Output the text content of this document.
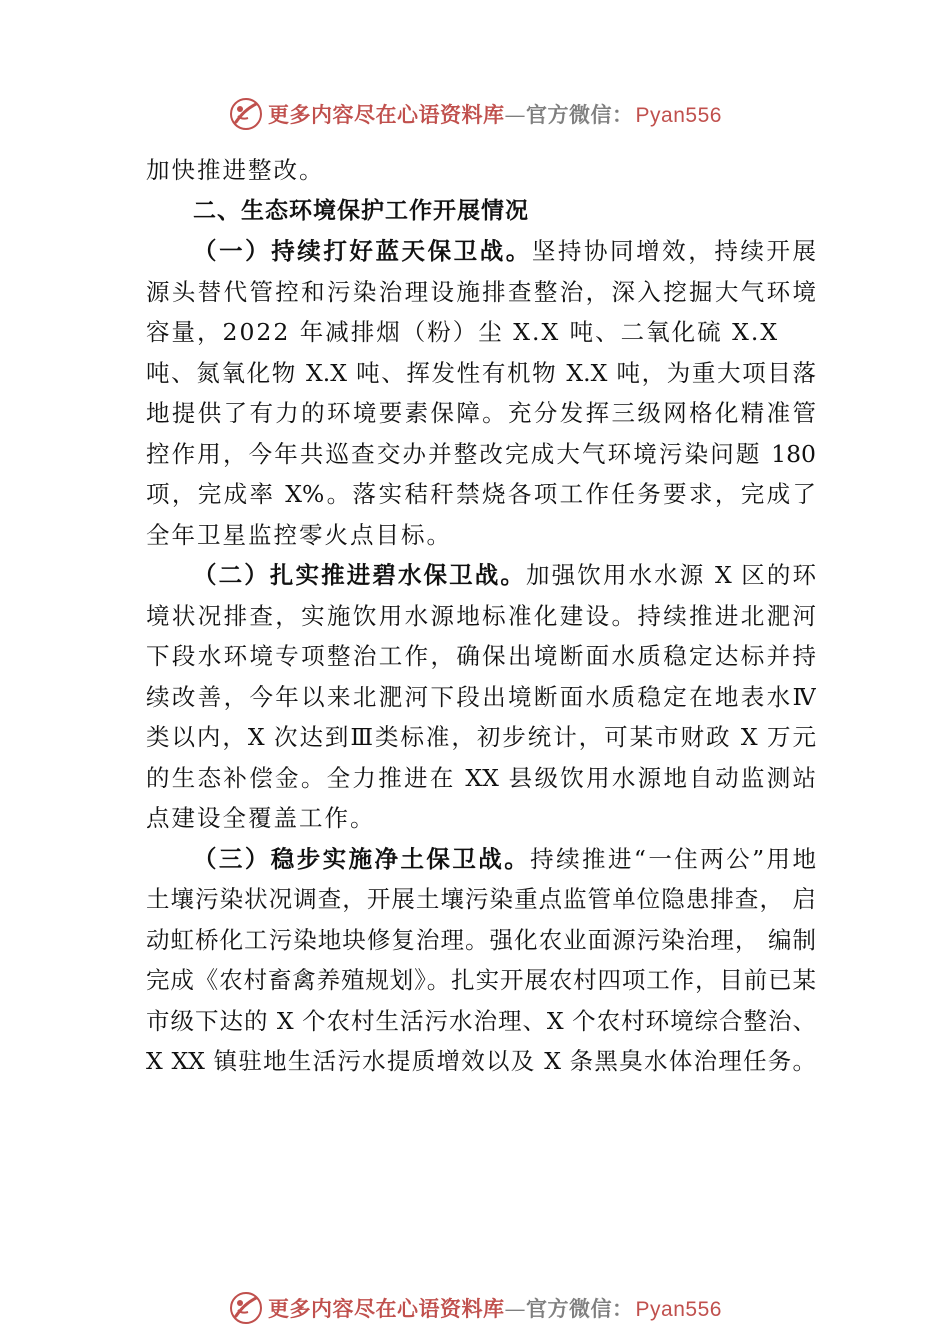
更多内容尽在心语资料库—官方微信：Pyan556
加快推进整改。
二、生态环境保护工作开展情况
（一）持续打好蓝天保卫战。坚持协同增效，持续开展
源头替代管控和污染治理设施排查整治，深入挖掘大气环境
容量，2022 年减排烟（粉）尘 X.X 吨、二氧化硫 X.X
吨、氮氧化物 X.X 吨、挥发性有机物 X.X 吨，为重大项目落
地提供了有力的环境要素保障。充分发挥三级网格化精准管
控作用，今年共巡查交办并整改完成大气环境污染问题 180
项，完成率 X%。落实秸秆禁烧各项工作任务要求，完成了
全年卫星监控零火点目标。
（二）扎实推进碧水保卫战。加强饮用水水源 X 区的环
境状况排查，实施饮用水源地标准化建设。持续推进北淝河
下段水环境专项整治工作，确保出境断面水质稳定达标并持
续改善，今年以来北淝河下段出境断面水质稳定在地表水Ⅳ
类以内，X 次达到Ⅲ类标准，初步统计，可某市财政 X 万元
的生态补偿金。全力推进在 XX 县级饮用水源地自动监测站
点建设全覆盖工作。
（三）稳步实施净土保卫战。持续推进“一住两公”用地
土壤污染状况调查，开展土壤污染重点监管单位隐患排查， 启
动虹桥化工污染地块修复治理。强化农业面源污染治理， 编制
完成《农村畜禽养殖规划》。扎实开展农村四项工作，目前已某
市级下达的 X 个农村生活污水治理、X 个农村环境综合整治、
X XX 镇驻地生活污水提质增效以及 X 条黑臭水体治理任务。
更多内容尽在心语资料库—官方微信：Pyan556
